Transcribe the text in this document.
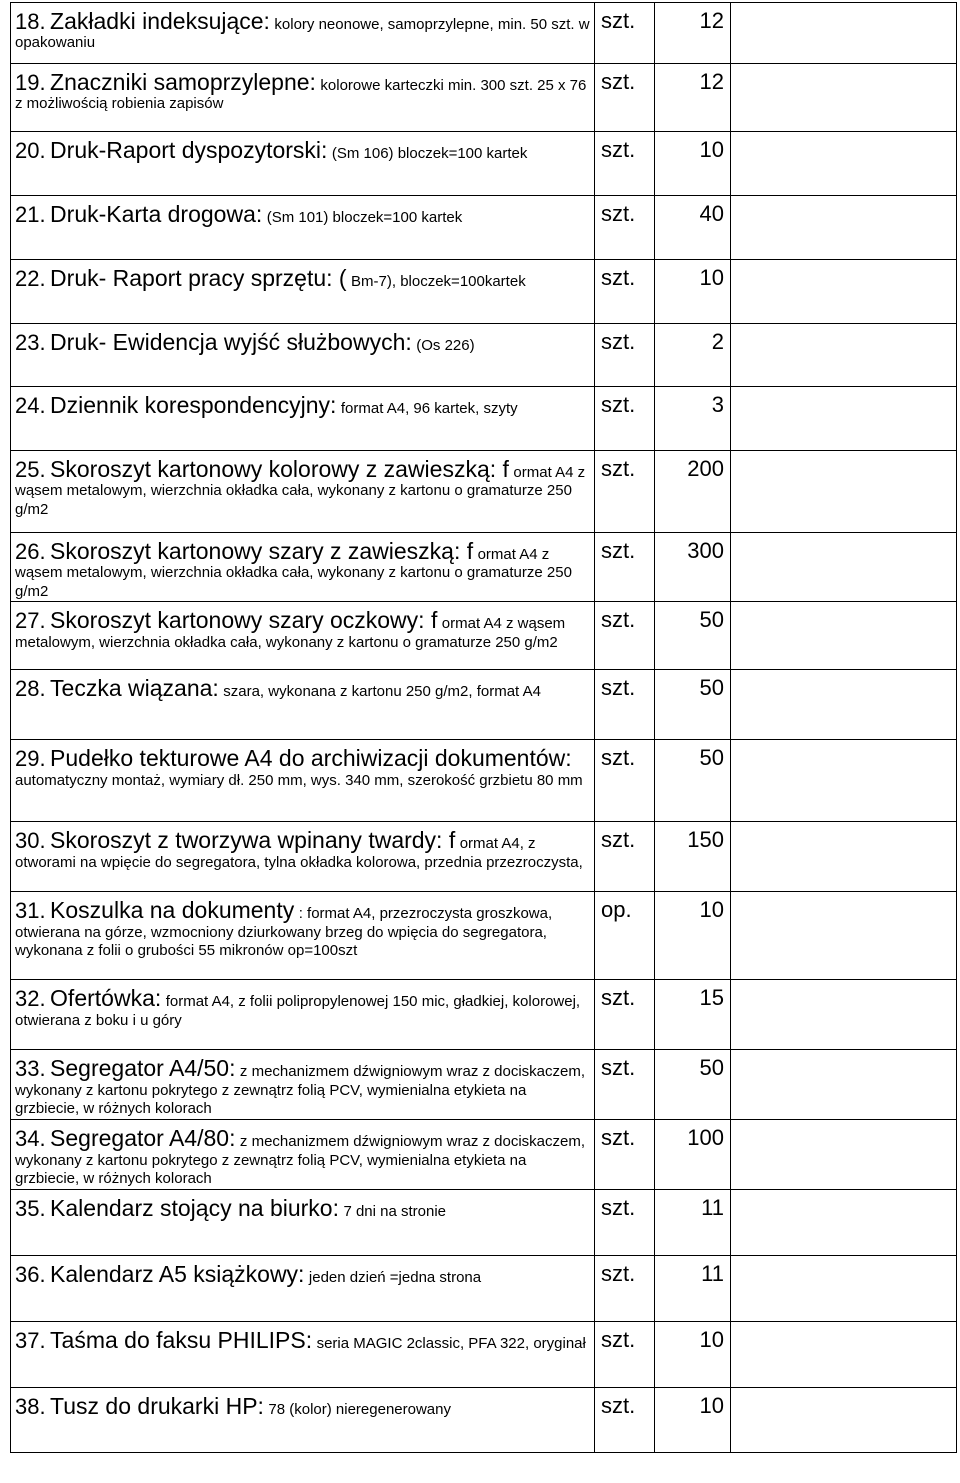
18. Zakładki indeksujące: kolory neonowe, samoprzylepne, min. 50 szt. w opakowaniu	szt.	12	
19. Znaczniki samoprzylepne: kolorowe karteczki min. 300 szt. 25 x 76 z możliwością robienia zapisów	szt.	12	
20. Druk-Raport dyspozytorski: (Sm 106) bloczek=100 kartek	szt.	10	
21. Druk-Karta drogowa: (Sm 101) bloczek=100 kartek	szt.	40	
22. Druk- Raport pracy sprzętu: ( Bm-7), bloczek=100kartek	szt.	10	
23. Druk- Ewidencja wyjść służbowych: (Os 226)	szt.	2	
24. Dziennik korespondencyjny: format A4, 96 kartek, szyty	szt.	3	
25. Skoroszyt kartonowy kolorowy z zawieszką: f ormat A4 z wąsem metalowym, wierzchnia okładka cała, wykonany z kartonu o gramaturze 250 g/m2	szt.	200	
26. Skoroszyt kartonowy szary z zawieszką: f ormat A4 z wąsem metalowym, wierzchnia okładka cała, wykonany z kartonu o gramaturze 250 g/m2	szt.	300	
27. Skoroszyt kartonowy szary oczkowy: f ormat A4 z wąsem metalowym, wierzchnia okładka cała, wykonany z kartonu o gramaturze 250 g/m2	szt.	50	
28. Teczka wiązana: szara, wykonana z kartonu 250 g/m2, format A4	szt.	50	
29. Pudełko tekturowe A4 do archiwizacji dokumentów: automatyczny montaż, wymiary dł. 250 mm, wys. 340 mm, szerokość grzbietu 80 mm	szt.	50	
30. Skoroszyt z tworzywa wpinany twardy: f ormat A4, z otworami na wpięcie do segregatora, tylna okładka kolorowa, przednia przezroczysta,	szt.	150	
31. Koszulka na dokumenty : format A4, przezroczysta groszkowa, otwierana na górze, wzmocniony dziurkowany brzeg do wpięcia do segregatora, wykonana z folii o grubości 55 mikronów op=100szt	op.	10	
32. Ofertówka: format A4, z folii polipropylenowej 150 mic, gładkiej, kolorowej, otwierana z boku i u góry	szt.	15	
33. Segregator A4/50: z mechanizmem dźwigniowym wraz z dociskaczem, wykonany z kartonu pokrytego z zewnątrz folią PCV, wymienialna etykieta na grzbiecie, w różnych kolorach	szt.	50	
34. Segregator A4/80: z mechanizmem dźwigniowym wraz z dociskaczem, wykonany z kartonu pokrytego z zewnątrz folią PCV, wymienialna etykieta na grzbiecie, w różnych kolorach	szt.	100	
35. Kalendarz stojący na biurko: 7 dni na stronie	szt.	11	
36. Kalendarz A5 książkowy: jeden dzień =jedna strona	szt.	11	
37. Taśma do faksu PHILIPS: seria MAGIC 2classic, PFA 322, oryginał	szt.	10	
38. Tusz do drukarki HP: 78 (kolor) nieregenerowany	szt.	10	
